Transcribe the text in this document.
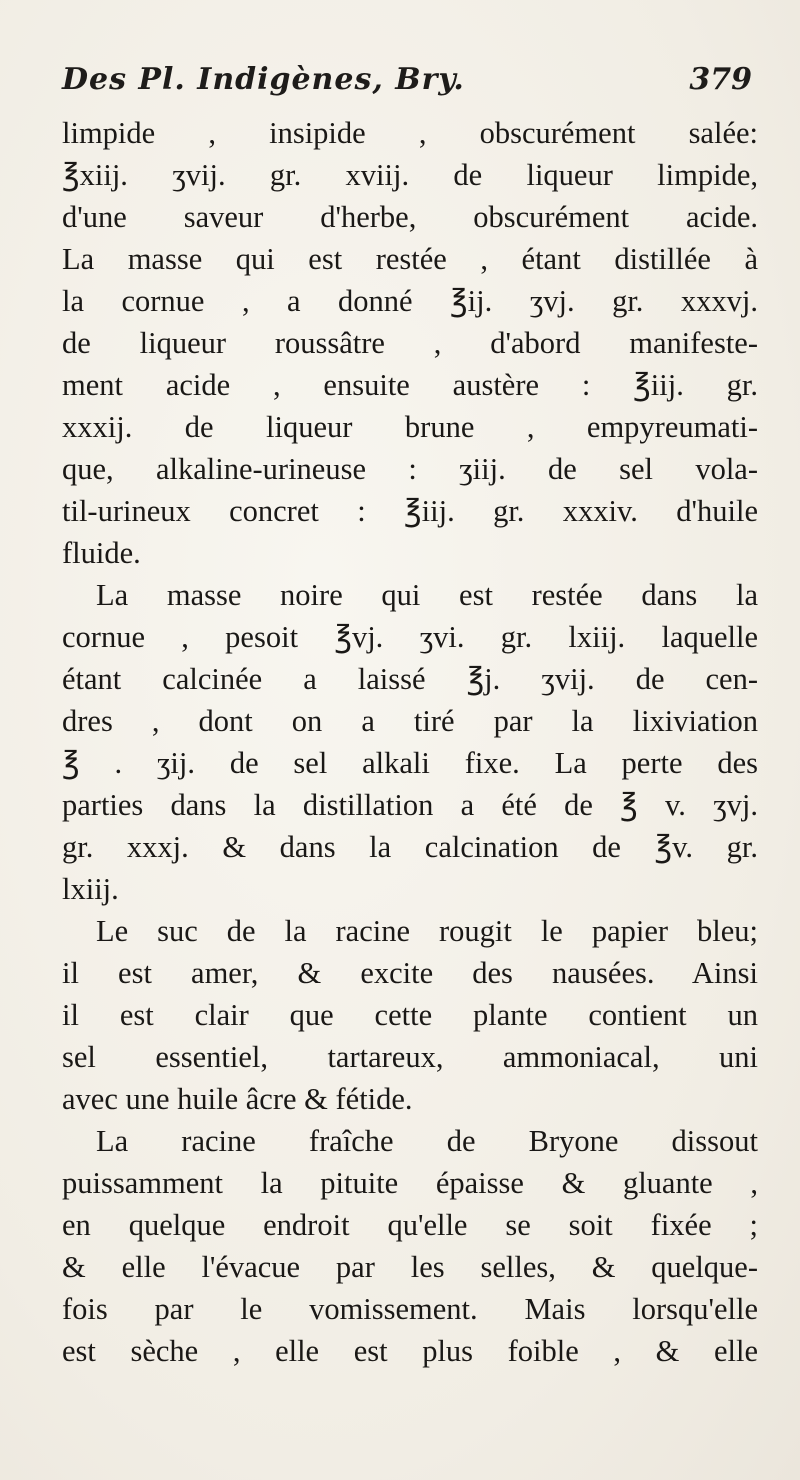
Des Pl. Indigènes, Bry.	379
limpide , insipide , obscurément salée:
℥xiij. ʒvij. gr. xviij. de liqueur limpide,
d'une saveur d'herbe, obscurément acide.
La masse qui est restée , étant distillée à
la cornue , a donné ℥ij. ʒvj. gr. xxxvj.
de liqueur roussâtre , d'abord manifeste-
ment acide , ensuite austère : ℥iij. gr.
xxxij. de liqueur brune , empyreumati-
que, alkaline-urineuse : ʒiij. de sel vola-
til-urineux concret : ℥iij. gr. xxxiv. d'huile
fluide.
La masse noire qui est restée dans la
cornue , pesoit ℥vj. ʒvi. gr. lxiij. laquelle
étant calcinée a laissé ℥j. ʒvij. de cen-
dres , dont on a tiré par la lixiviation
℥ . ʒij. de sel alkali fixe. La perte des
parties dans la distillation a été de ℥ v. ʒvj.
gr. xxxj. & dans la calcination de ℥v. gr.
lxiij.
Le suc de la racine rougit le papier bleu;
il est amer, & excite des nausées. Ainsi
il est clair que cette plante contient un
sel essentiel, tartareux, ammoniacal, uni
avec une huile âcre & fétide.
La racine fraîche de Bryone dissout
puissamment la pituite épaisse & gluante ,
en quelque endroit qu'elle se soit fixée ;
& elle l'évacue par les selles, & quelque-
fois par le vomissement. Mais lorsqu'elle
est sèche , elle est plus foible , & elle
